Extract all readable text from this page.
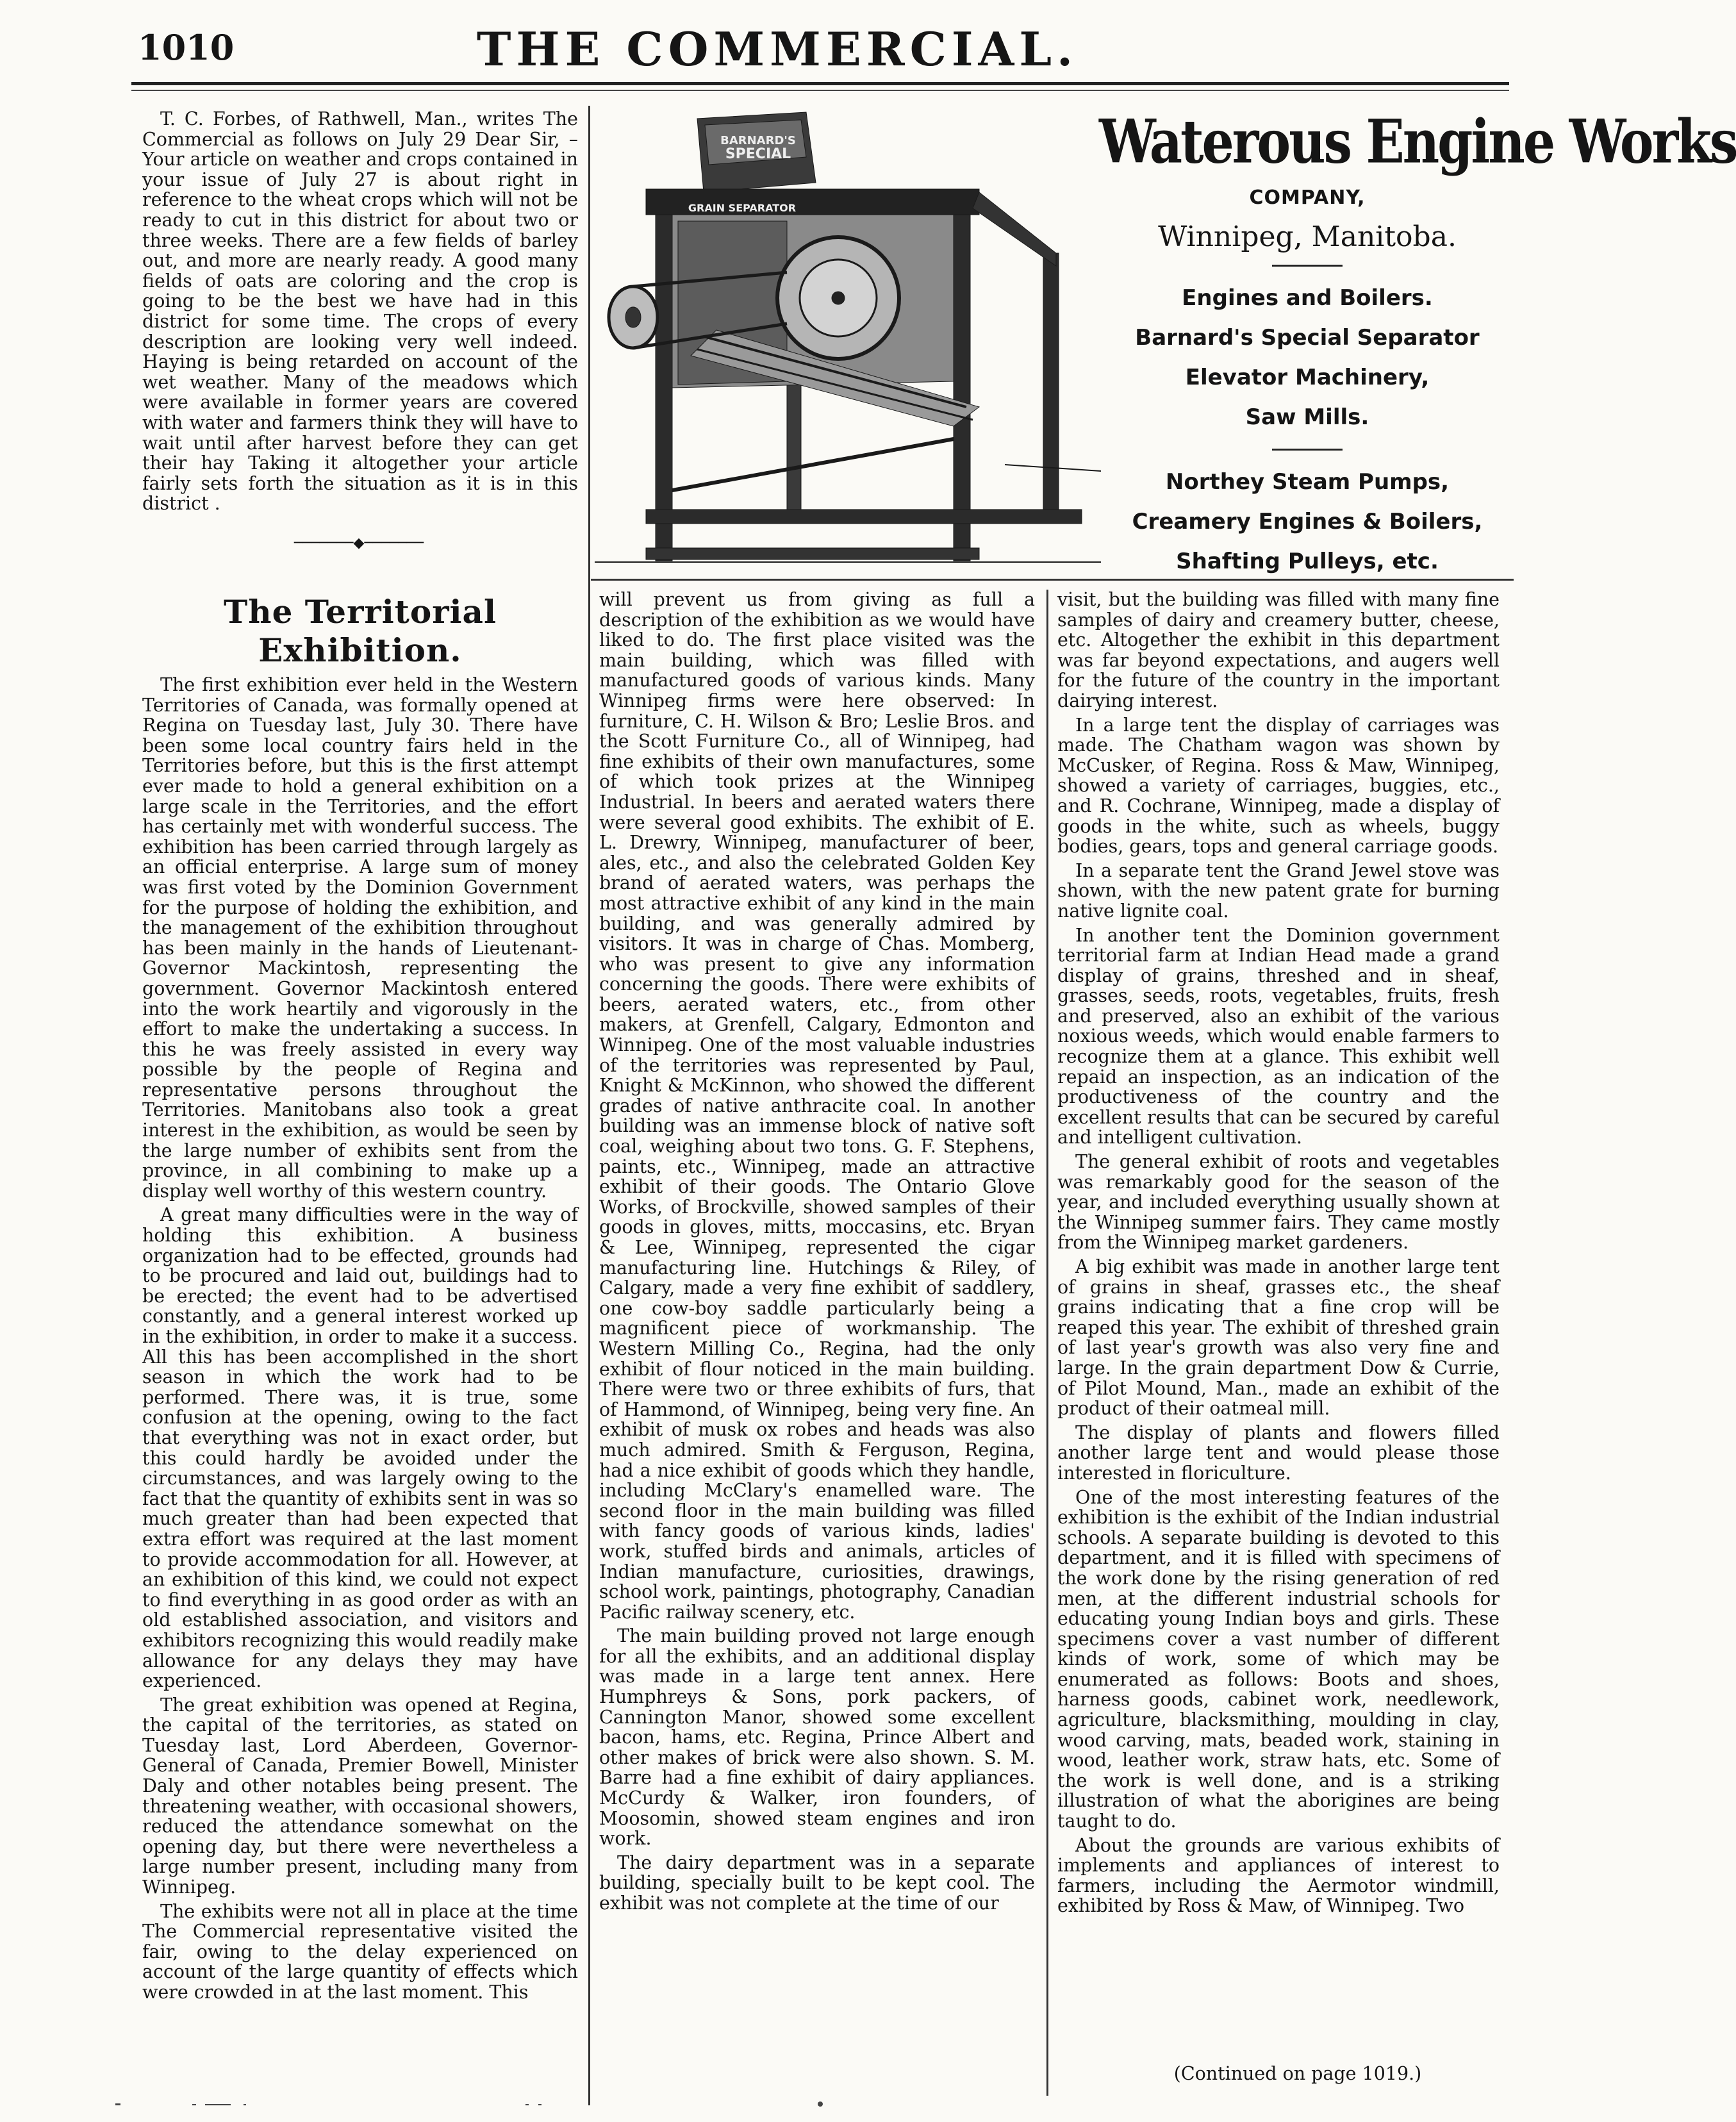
1010	THE COMMERCIAL.

T. C. Forbes, of Rathwell, Man., writes The Commercial as follows on July 29 Dear Sir, – Your article on weather and crops contained in your issue of July 27 is about right in reference to the wheat crops which will not be ready to cut in this district for about two or three weeks. There are a few fields of barley out, and more are nearly ready. A good many fields of oats are coloring and the crop is going to be the best we have had in this district for some time. The crops of every description are looking very well indeed. Haying is being retarded on account of the wet weather. Many of the meadows which were available in former years are covered with water and farmers think they will have to wait until after harvest before they can get their hay Taking it altogether your article fairly sets forth the situation as it is in this district .

───────◆───────
The Territorial Exhibition.

The first exhibition ever held in the Western Territories of Canada, was formally opened at Regina on Tuesday last, July 30. There have been some local country fairs held in the Territories before, but this is the first attempt ever made to hold a general exhibition on a large scale in the Territories, and the effort has certainly met with wonderful success. The exhibition has been carried through largely as an official enterprise. A large sum of money was first voted by the Dominion Government for the purpose of holding the exhibition, and the management of the exhibition throughout has been mainly in the hands of Lieutenant-Governor Mackintosh, representing the government. Governor Mackintosh entered into the work heartily and vigorously in the effort to make the undertaking a success. In this he was freely assisted in every way possible by the people of Regina and representative persons throughout the Territories. Manitobans also took a great interest in the exhibition, as would be seen by the large number of exhibits sent from the province, in all combining to make up a display well worthy of this western country.

A great many difficulties were in the way of holding this exhibition. A business organization had to be effected, grounds had to be procured and laid out, buildings had to be erected; the event had to be advertised constantly, and a general interest worked up in the exhibition, in order to make it a success. All this has been accomplished in the short season in which the work had to be performed. There was, it is true, some confusion at the opening, owing to the fact that everything was not in exact order, but this could hardly be avoided under the circumstances, and was largely owing to the fact that the quantity of exhibits sent in was so much greater than had been expected that extra effort was required at the last moment to provide accommodation for all. However, at an exhibition of this kind, we could not expect to find everything in as good order as with an old established association, and visitors and exhibitors recognizing this would readily make allowance for any delays they may have experienced.

The great exhibition was opened at Regina, the capital of the territories, as stated on Tuesday last, Lord Aberdeen, Governor-General of Canada, Premier Bowell, Minister Daly and other notables being present. The threatening weather, with occasional showers, reduced the attendance somewhat on the opening day, but there were nevertheless a large number present, including many from Winnipeg.

The exhibits were not all in place at the time The Commercial representative visited the fair, owing to the delay experienced on account of the large quantity of effects which were crowded in at the last moment. This

BARNARD'S
SPECIAL
GRAIN SEPARATOR
Waterous Engine Works
COMPANY,
Winnipeg, Manitoba.
Engines and Boilers.
Barnard's Special Separator
Elevator Machinery,
Saw Mills.
Northey Steam Pumps,
Creamery Engines & Boilers,
Shafting Pulleys, etc.

will prevent us from giving as full a description of the exhibition as we would have liked to do. The first place visited was the main building, which was filled with manufactured goods of various kinds. Many Winnipeg firms were here observed: In furniture, C. H. Wilson & Bro; Leslie Bros. and the Scott Furniture Co., all of Winnipeg, had fine exhibits of their own manufactures, some of which took prizes at the Winnipeg Industrial. In beers and aerated waters there were several good exhibits. The exhibit of E. L. Drewry, Winnipeg, manufacturer of beer, ales, etc., and also the celebrated Golden Key brand of aerated waters, was perhaps the most attractive exhibit of any kind in the main building, and was generally admired by visitors. It was in charge of Chas. Momberg, who was present to give any information concerning the goods. There were exhibits of beers, aerated waters, etc., from other makers, at Grenfell, Calgary, Edmonton and Winnipeg. One of the most valuable industries of the territories was represented by Paul, Knight & McKinnon, who showed the different grades of native anthracite coal. In another building was an immense block of native soft coal, weighing about two tons. G. F. Stephens, paints, etc., Winnipeg, made an attractive exhibit of their goods. The Ontario Glove Works, of Brockville, showed samples of their goods in gloves, mitts, moccasins, etc. Bryan & Lee, Winnipeg, represented the cigar manufacturing line. Hutchings & Riley, of Calgary, made a very fine exhibit of saddlery, one cow-boy saddle particularly being a magnificent piece of workmanship. The Western Milling Co., Regina, had the only exhibit of flour noticed in the main building. There were two or three exhibits of furs, that of Hammond, of Winnipeg, being very fine. An exhibit of musk ox robes and heads was also much admired. Smith & Ferguson, Regina, had a nice exhibit of goods which they handle, including McClary's enamelled ware. The second floor in the main building was filled with fancy goods of various kinds, ladies' work, stuffed birds and animals, articles of Indian manufacture, curiosities, drawings, school work, paintings, photography, Canadian Pacific railway scenery, etc.

The main building proved not large enough for all the exhibits, and an additional display was made in a large tent annex. Here Humphreys & Sons, pork packers, of Cannington Manor, showed some excellent bacon, hams, etc. Regina, Prince Albert and other makes of brick were also shown. S. M. Barre had a fine exhibit of dairy appliances. McCurdy & Walker, iron founders, of Moosomin, showed steam engines and iron work.

The dairy department was in a separate building, specially built to be kept cool. The exhibit was not complete at the time of our

visit, but the building was filled with many fine samples of dairy and creamery butter, cheese, etc. Altogether the exhibit in this department was far beyond expectations, and augers well for the future of the country in the important dairying interest.

In a large tent the display of carriages was made. The Chatham wagon was shown by McCusker, of Regina. Ross & Maw, Winnipeg, showed a variety of carriages, buggies, etc., and R. Cochrane, Winnipeg, made a display of goods in the white, such as wheels, buggy bodies, gears, tops and general carriage goods.

In a separate tent the Grand Jewel stove was shown, with the new patent grate for burning native lignite coal.

In another tent the Dominion government territorial farm at Indian Head made a grand display of grains, threshed and in sheaf, grasses, seeds, roots, vegetables, fruits, fresh and preserved, also an exhibit of the various noxious weeds, which would enable farmers to recognize them at a glance. This exhibit well repaid an inspection, as an indication of the productiveness of the country and the excellent results that can be secured by careful and intelligent cultivation.

The general exhibit of roots and vegetables was remarkably good for the season of the year, and included everything usually shown at the Winnipeg summer fairs. They came mostly from the Winnipeg market gardeners.

A big exhibit was made in another large tent of grains in sheaf, grasses etc., the sheaf grains indicating that a fine crop will be reaped this year. The exhibit of threshed grain of last year's growth was also very fine and large. In the grain department Dow & Currie, of Pilot Mound, Man., made an exhibit of the product of their oatmeal mill.

The display of plants and flowers filled another large tent and would please those interested in floriculture.

One of the most interesting features of the exhibition is the exhibit of the Indian industrial schools. A separate building is devoted to this department, and it is filled with specimens of the work done by the rising generation of red men, at the different industrial schools for educating young Indian boys and girls. These specimens cover a vast number of different kinds of work, some of which may be enumerated as follows: Boots and shoes, harness goods, cabinet work, needlework, agriculture, blacksmithing, moulding in clay, wood carving, mats, beaded work, staining in wood, leather work, straw hats, etc. Some of the work is well done, and is a striking illustration of what the aborigines are being taught to do.

About the grounds are various exhibits of implements and appliances of interest to farmers, including the Aermotor windmill, exhibited by Ross & Maw, of Winnipeg. Two

(Continued on page 1019.)
